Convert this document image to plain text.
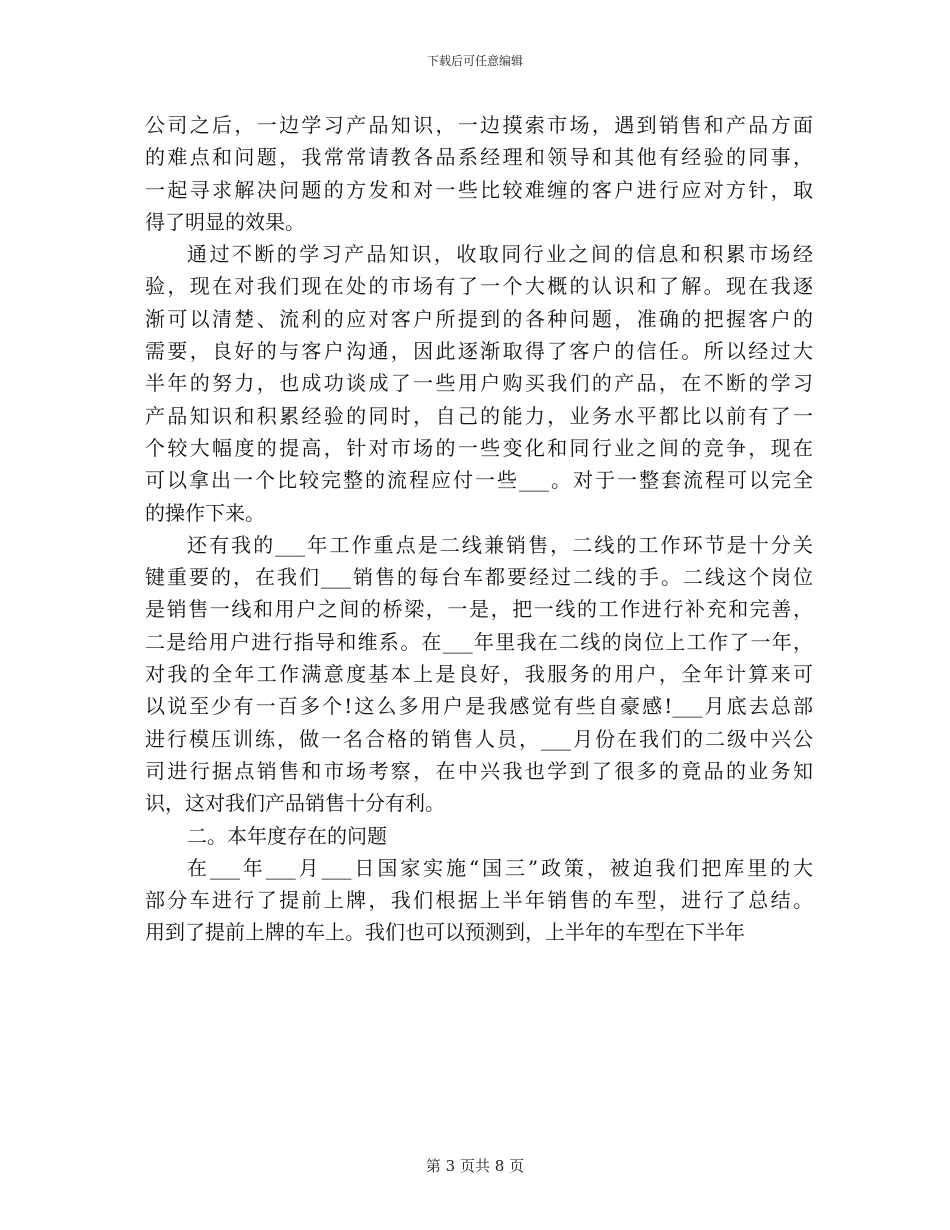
下载后可任意编辑
公司之后，一边学习产品知识，一边摸索市场，遇到销售和产品方面
的难点和问题，我常常请教各品系经理和领导和其他有经验的同事，
一起寻求解决问题的方发和对一些比较难缠的客户进行应对方针，取
得了明显的效果。
通过不断的学习产品知识，收取同行业之间的信息和积累市场经
验，现在对我们现在处的市场有了一个大概的认识和了解。现在我逐
渐可以清楚、流利的应对客户所提到的各种问题，准确的把握客户的
需要，良好的与客户沟通，因此逐渐取得了客户的信任。所以经过大
半年的努力，也成功谈成了一些用户购买我们的产品，在不断的学习
产品知识和积累经验的同时，自己的能力，业务水平都比以前有了一
个较大幅度的提高，针对市场的一些变化和同行业之间的竞争，现在
可以拿出一个比较完整的流程应付一些___。对于一整套流程可以完全
的操作下来。
还有我的___年工作重点是二线兼销售，二线的工作环节是十分关
键重要的，在我们___销售的每台车都要经过二线的手。二线这个岗位
是销售一线和用户之间的桥梁，一是，把一线的工作进行补充和完善，
二是给用户进行指导和维系。在___年里我在二线的岗位上工作了一年，
对我的全年工作满意度基本上是良好，我服务的用户，全年计算来可
以说至少有一百多个!这么多用户是我感觉有些自豪感!___月底去总部
进行模压训练，做一名合格的销售人员，___月份在我们的二级中兴公
司进行据点销售和市场考察，在中兴我也学到了很多的竟品的业务知
识，这对我们产品销售十分有利。
二。本年度存在的问题
在___年___月___日国家实施“国三”政策，被迫我们把库里的大
部分车进行了提前上牌，我们根据上半年销售的车型，进行了总结。
用到了提前上牌的车上。我们也可以预测到，上半年的车型在下半年
第 3 页共 8 页
